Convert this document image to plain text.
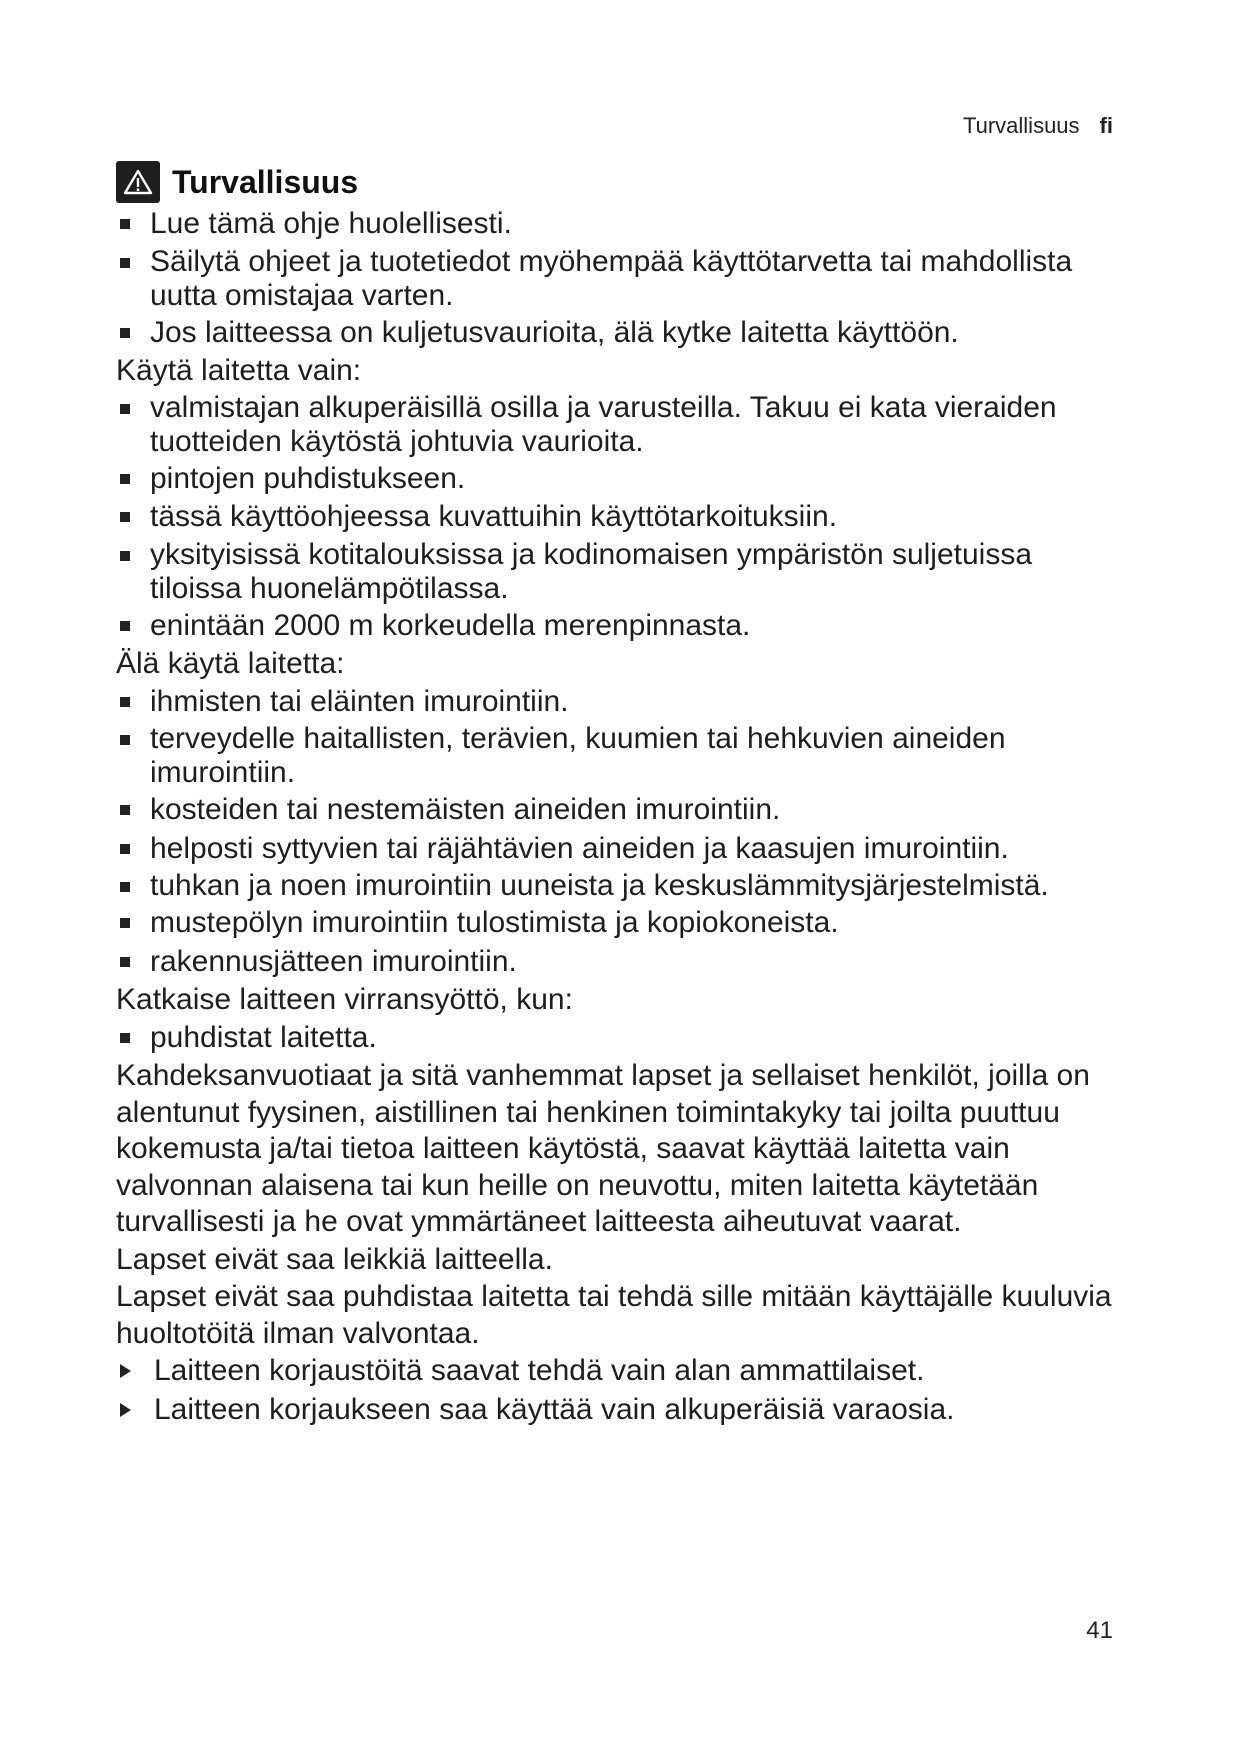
Turvallisuus fi
Turvallisuus
Lue tämä ohje huolellisesti.
Säilytä ohjeet ja tuotetiedot myöhempää käyttötarvetta tai mahdollista uutta omistajaa varten.
Jos laitteessa on kuljetusvaurioita, älä kytke laitetta käyttöön.

Käytä laitetta vain:

valmistajan alkuperäisillä osilla ja varusteilla. Takuu ei kata vieraiden tuotteiden käytöstä johtuvia vaurioita.
pintojen puhdistukseen.
tässä käyttöohjeessa kuvattuihin käyttötarkoituksiin.
yksityisissä kotitalouksissa ja kodinomaisen ympäristön suljetuissa tiloissa huonelämpötilassa.
enintään 2000 m korkeudella merenpinnasta.

Älä käytä laitetta:

ihmisten tai eläinten imurointiin.
terveydelle haitallisten, terävien, kuumien tai hehkuvien aineiden imurointiin.
kosteiden tai nestemäisten aineiden imurointiin.
helposti syttyvien tai räjähtävien aineiden ja kaasujen imurointiin.
tuhkan ja noen imurointiin uuneista ja keskuslämmitysjärjestelmistä.
mustepölyn imurointiin tulostimista ja kopiokoneista.
rakennusjätteen imurointiin.

Katkaise laitteen virransyöttö, kun:

puhdistat laitetta.

Kahdeksanvuotiaat ja sitä vanhemmat lapset ja sellaiset henkilöt, joilla on alentunut fyysinen, aistillinen tai henkinen toimintakyky tai joilta puuttuu kokemusta ja/tai tietoa laitteen käytöstä, saavat käyttää laitetta vain valvonnan alaisena tai kun heille on neuvottu, miten laitetta käytetään turvallisesti ja he ovat ymmärtäneet laitteesta aiheutuvat vaarat.

Lapset eivät saa leikkiä laitteella.

Lapset eivät saa puhdistaa laitetta tai tehdä sille mitään käyttäjälle kuuluvia huoltotöitä ilman valvontaa.

Laitteen korjaustöitä saavat tehdä vain alan ammattilaiset.
Laitteen korjaukseen saa käyttää vain alkuperäisiä varaosia.
41
